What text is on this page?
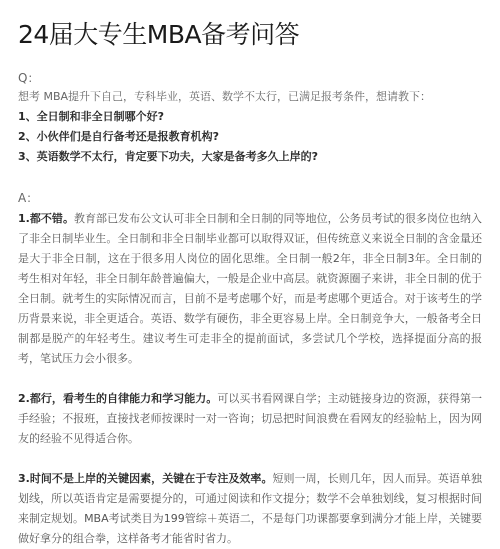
24届大专生MBA备考问答
Q：
想考 MBA提升下自己，专科毕业，英语、数学不太行，已满足报考条件，想请教下：
1、全日制和非全日制哪个好?
2、小伙伴们是自行备考还是报教育机构?
3、英语数学不太行，肯定要下功夫，大家是备考多久上岸的?
A：

1.都不错。教育部已发布公文认可非全日制和全日制的同等地位，公务员考试的很多岗位也纳入了非全日制毕业生。全日制和非全日制毕业都可以取得双证，但传统意义来说全日制的含金量还是大于非全日制，这在于很多用人岗位的固化思维。全日制一般2年，非全日制3年。全日制的考生相对年轻，非全日制年龄普遍偏大，一般是企业中高层。就资源圈子来讲，非全日制的优于全日制。就考生的实际情况而言，目前不是考虑哪个好，而是考虑哪个更适合。对于该考生的学历背景来说，非全更适合。英语、数学有硬伤，非全更容易上岸。全日制竞争大，一般备考全日制都是脱产的年轻考生。建议考生可走非全的提前面试，多尝试几个学校，选择提面分高的报考，笔试压力会小很多。

2.都行，看考生的自律能力和学习能力。可以买书看网课自学；主动链接身边的资源，获得第一手经验；不报班，直接找老师按课时一对一咨询；切忌把时间浪费在看网友的经验帖上，因为网友的经验不见得适合你。

3.时间不是上岸的关键因素，关键在于专注及效率。短则一周，长则几年，因人而异。英语单独划线，所以英语肯定是需要提分的，可通过阅读和作文提分；数学不会单独划线，复习根据时间来制定规划。MBA考试类目为199管综＋英语二，不是每门功课都要拿到满分才能上岸，关键要做好拿分的组合拳，这样备考才能省时省力。
